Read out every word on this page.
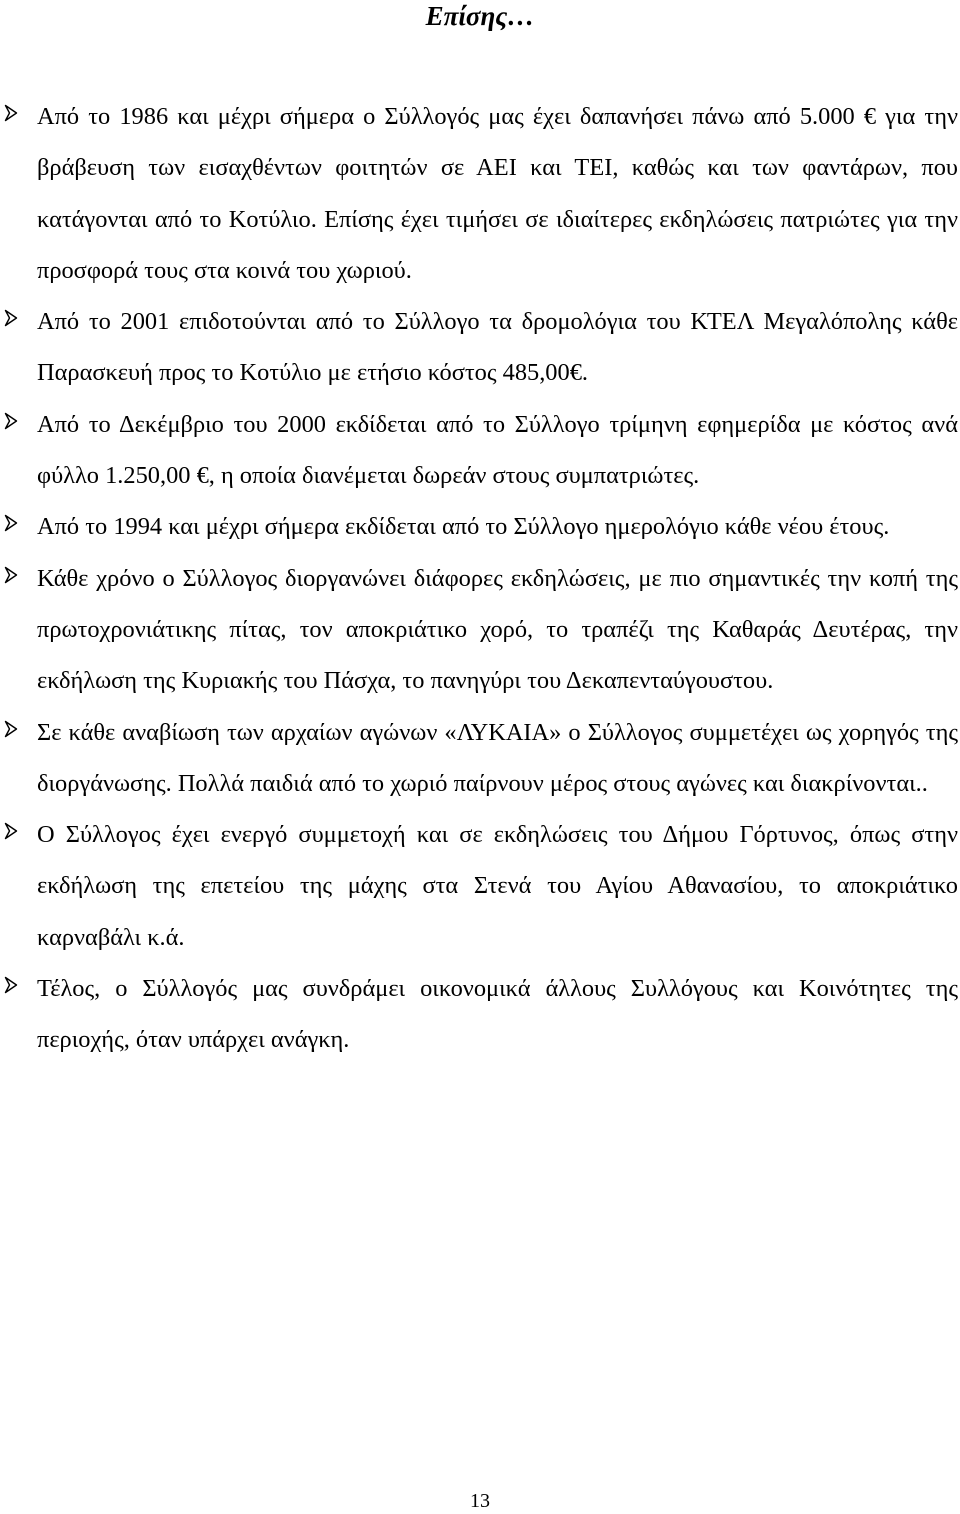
Επίσης…
Από το 1986 και μέχρι σήμερα ο Σύλλογός μας έχει δαπανήσει πάνω από 5.000 € για την βράβευση των εισαχθέντων φοιτητών σε ΑΕΙ και ΤΕΙ, καθώς και των φαντάρων, που κατάγονται από το Κοτύλιο. Επίσης έχει τιμήσει σε ιδιαίτερες εκδηλώσεις πατριώτες για την προσφορά τους στα κοινά του χωριού.
Από το 2001 επιδοτούνται από το Σύλλογο τα δρομολόγια του ΚΤΕΛ Μεγαλόπολης κάθε Παρασκευή προς το Κοτύλιο με ετήσιο κόστος 485,00€.
Από το Δεκέμβριο του 2000 εκδίδεται από το Σύλλογο τρίμηνη εφημερίδα με κόστος ανά φύλλο 1.250,00 €, η οποία διανέμεται δωρεάν στους συμπατριώτες.
Από το 1994 και μέχρι σήμερα εκδίδεται από το Σύλλογο ημερολόγιο κάθε νέου έτους.
Κάθε χρόνο ο Σύλλογος διοργανώνει διάφορες εκδηλώσεις, με πιο σημαντικές την κοπή της πρωτοχρονιάτικης πίτας, τον αποκριάτικο χορό, το τραπέζι της Καθαράς Δευτέρας, την εκδήλωση της Κυριακής του Πάσχα, το πανηγύρι του Δεκαπενταύγουστου.
Σε κάθε αναβίωση των αρχαίων αγώνων «ΛΥΚΑΙΑ» ο Σύλλογος συμμετέχει ως χορηγός της διοργάνωσης. Πολλά παιδιά από το χωριό παίρνουν μέρος στους αγώνες και διακρίνονται..
Ο Σύλλογος έχει ενεργό συμμετοχή και σε εκδηλώσεις του Δήμου Γόρτυνος, όπως στην εκδήλωση της επετείου της μάχης στα Στενά του Αγίου Αθανασίου, το αποκριάτικο καρναβάλι κ.ά.
Τέλος, ο Σύλλογός μας συνδράμει οικονομικά άλλους Συλλόγους και Κοινότητες της περιοχής, όταν υπάρχει ανάγκη.
13
